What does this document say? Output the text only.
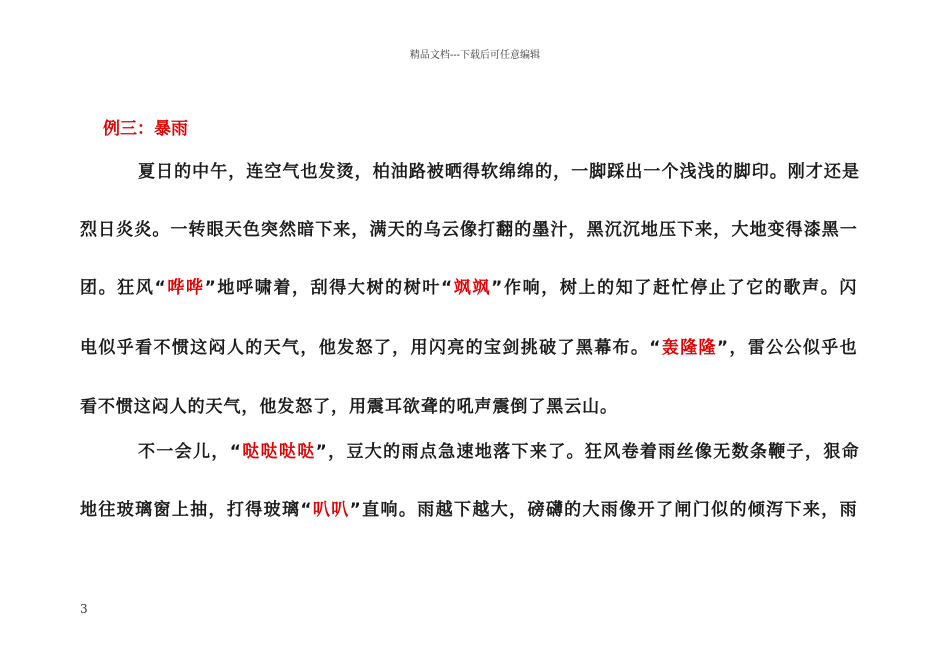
精品文档---下载后可任意编辑
例三：暴雨
夏日的中午，连空气也发烫，柏油路被晒得软绵绵的，一脚踩出一个浅浅的脚印。刚才还是
烈日炎炎。一转眼天色突然暗下来，满天的乌云像打翻的墨汁，黑沉沉地压下来，大地变得漆黑一
团。狂风“哗哗”地呼啸着，刮得大树的树叶“飒飒”作响，树上的知了赶忙停止了它的歌声。闪
电似乎看不惯这闷人的天气，他发怒了，用闪亮的宝剑挑破了黑幕布。“轰隆隆”，雷公公似乎也
看不惯这闷人的天气，他发怒了，用震耳欲聋的吼声震倒了黑云山。
不一会儿，“哒哒哒哒”，豆大的雨点急速地落下来了。狂风卷着雨丝像无数条鞭子，狠命
地往玻璃窗上抽，打得玻璃“叭叭”直响。雨越下越大，磅礴的大雨像开了闸门似的倾泻下来，雨
3
